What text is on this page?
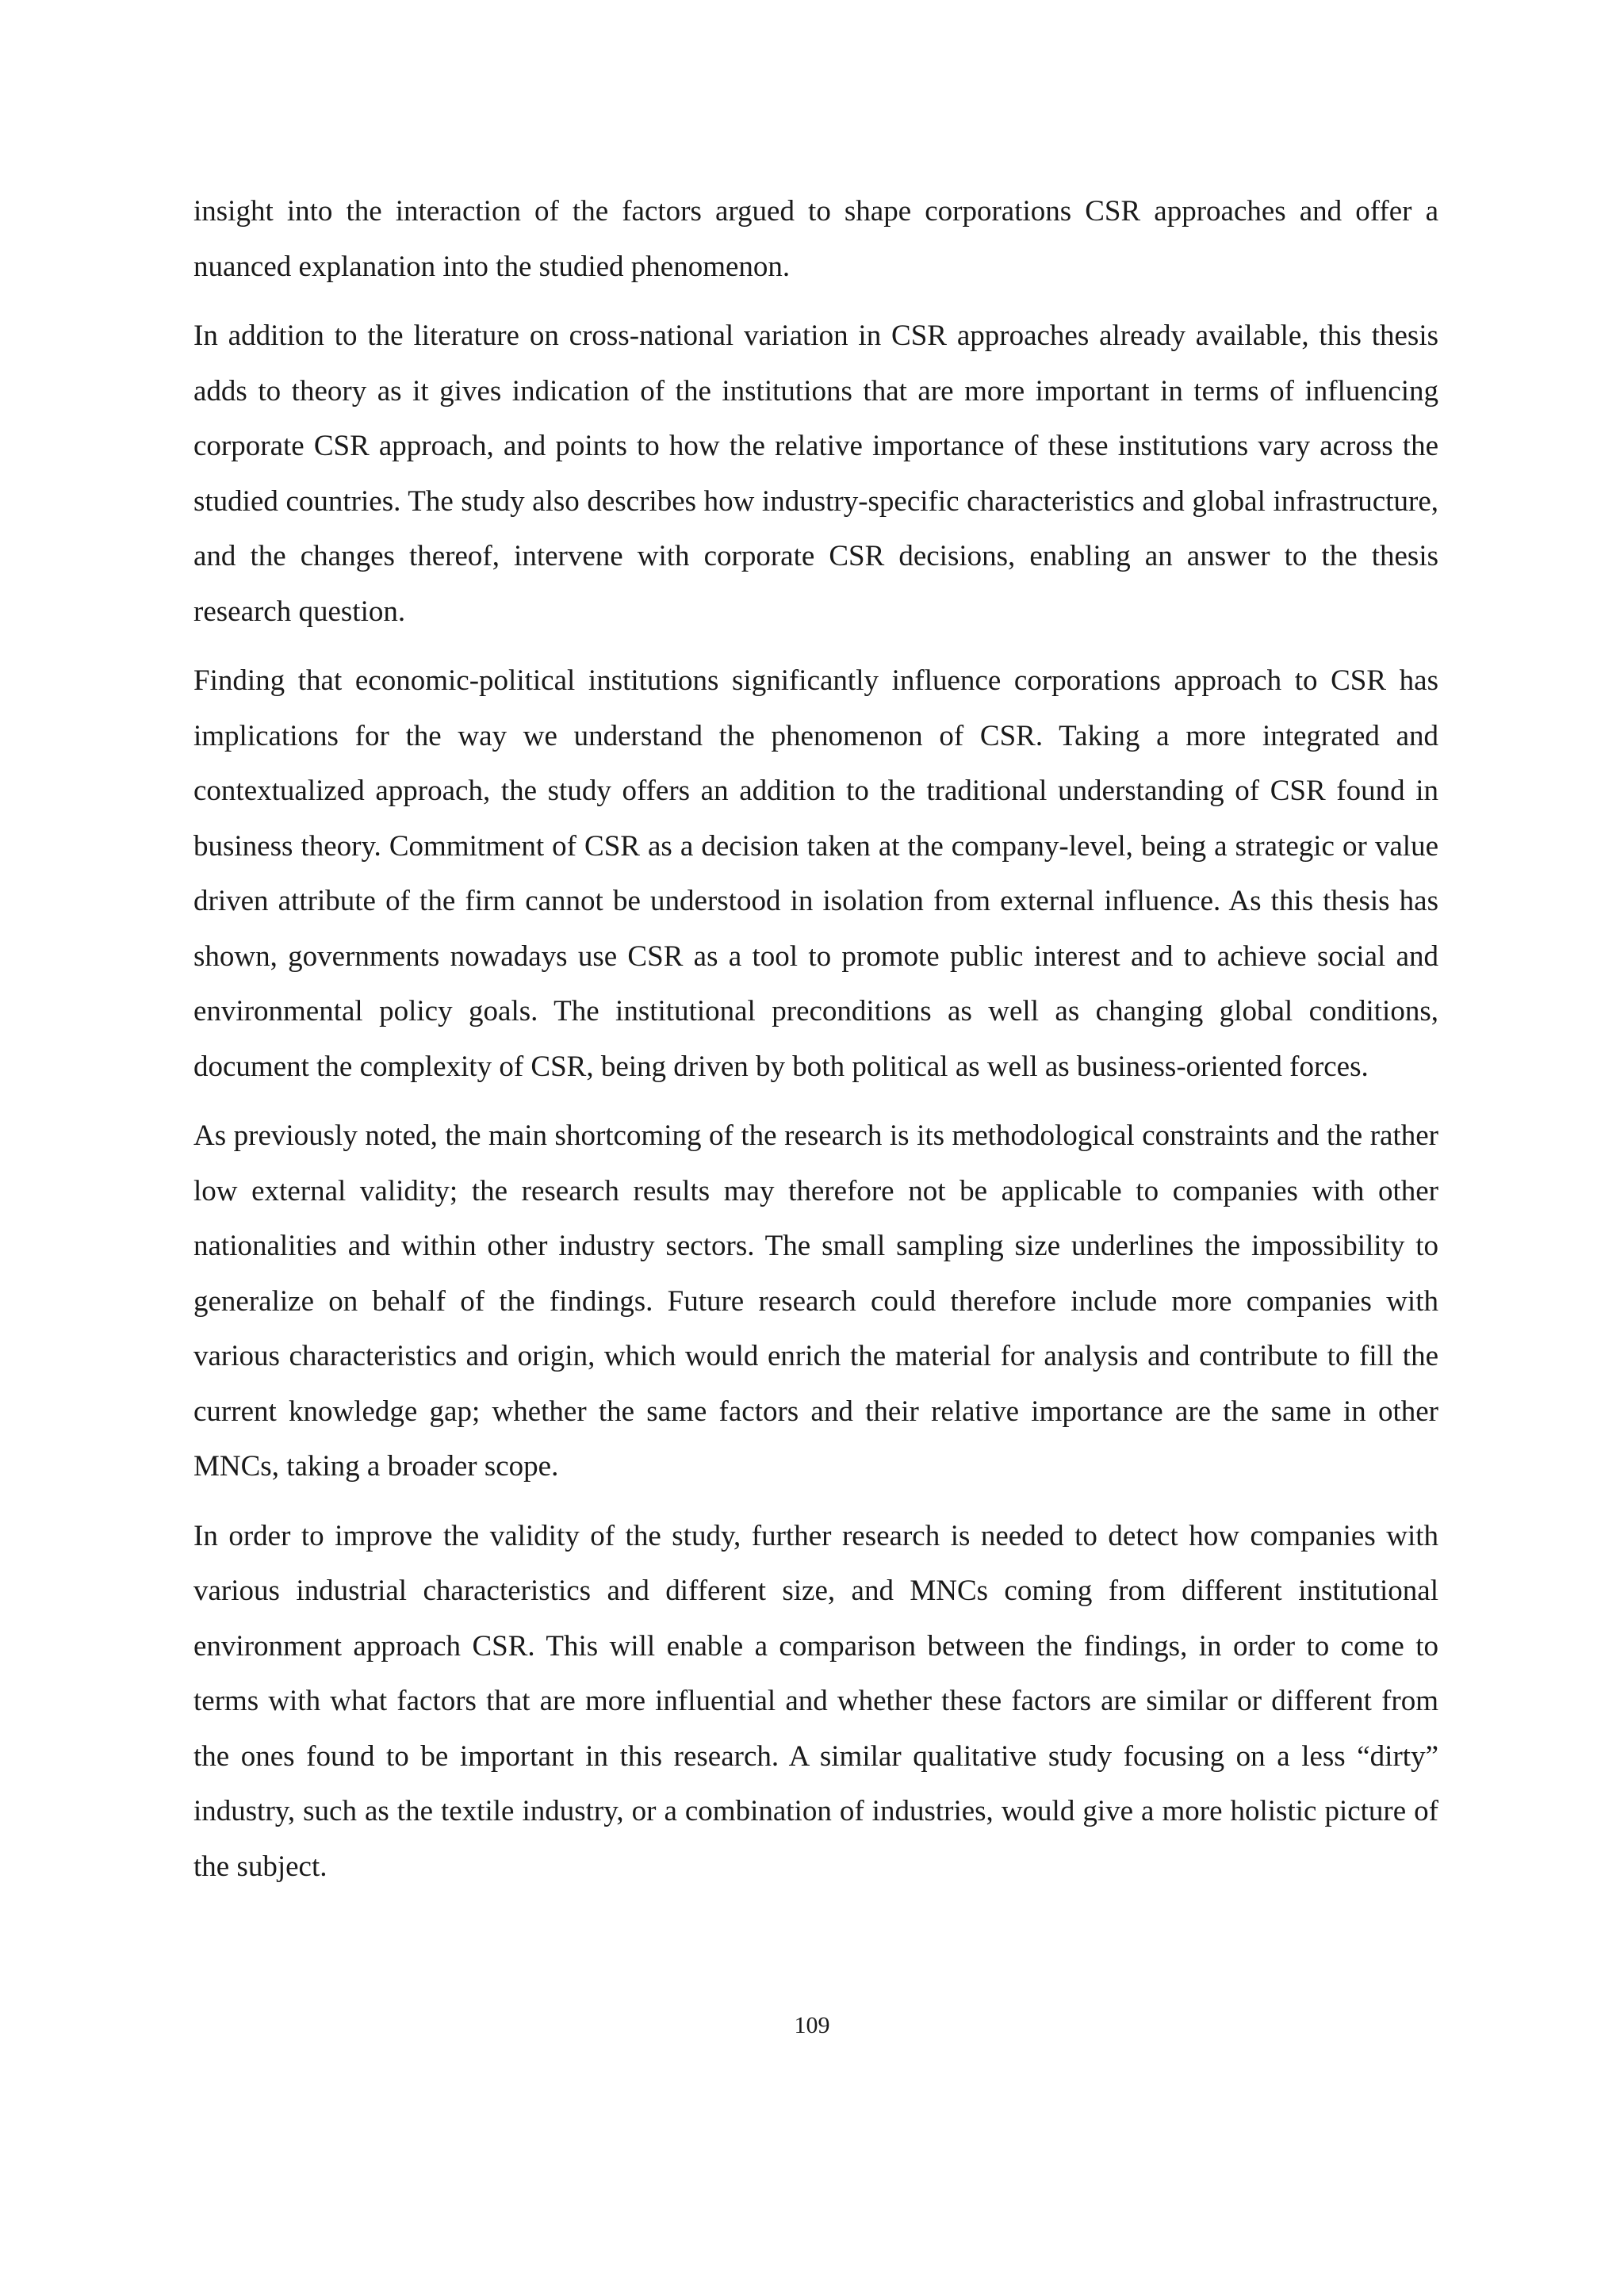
insight into the interaction of the factors argued to shape corporations CSR approaches and offer a nuanced explanation into the studied phenomenon.

In addition to the literature on cross-national variation in CSR approaches already available, this thesis adds to theory as it gives indication of the institutions that are more important in terms of influencing corporate CSR approach, and points to how the relative importance of these institutions vary across the studied countries. The study also describes how industry-specific characteristics and global infrastructure, and the changes thereof, intervene with corporate CSR decisions, enabling an answer to the thesis research question.

Finding that economic-political institutions significantly influence corporations approach to CSR has implications for the way we understand the phenomenon of CSR. Taking a more integrated and contextualized approach, the study offers an addition to the traditional understanding of CSR found in business theory. Commitment of CSR as a decision taken at the company-level, being a strategic or value driven attribute of the firm cannot be understood in isolation from external influence. As this thesis has shown, governments nowadays use CSR as a tool to promote public interest and to achieve social and environmental policy goals. The institutional preconditions as well as changing global conditions, document the complexity of CSR, being driven by both political as well as business-oriented forces.

As previously noted, the main shortcoming of the research is its methodological constraints and the rather low external validity; the research results may therefore not be applicable to companies with other nationalities and within other industry sectors. The small sampling size underlines the impossibility to generalize on behalf of the findings. Future research could therefore include more companies with various characteristics and origin, which would enrich the material for analysis and contribute to fill the current knowledge gap; whether the same factors and their relative importance are the same in other MNCs, taking a broader scope.

In order to improve the validity of the study, further research is needed to detect how companies with various industrial characteristics and different size, and MNCs coming from different institutional environment approach CSR. This will enable a comparison between the findings, in order to come to terms with what factors that are more influential and whether these factors are similar or different from the ones found to be important in this research. A similar qualitative study focusing on a less “dirty” industry, such as the textile industry, or a combination of industries, would give a more holistic picture of the subject.

109
